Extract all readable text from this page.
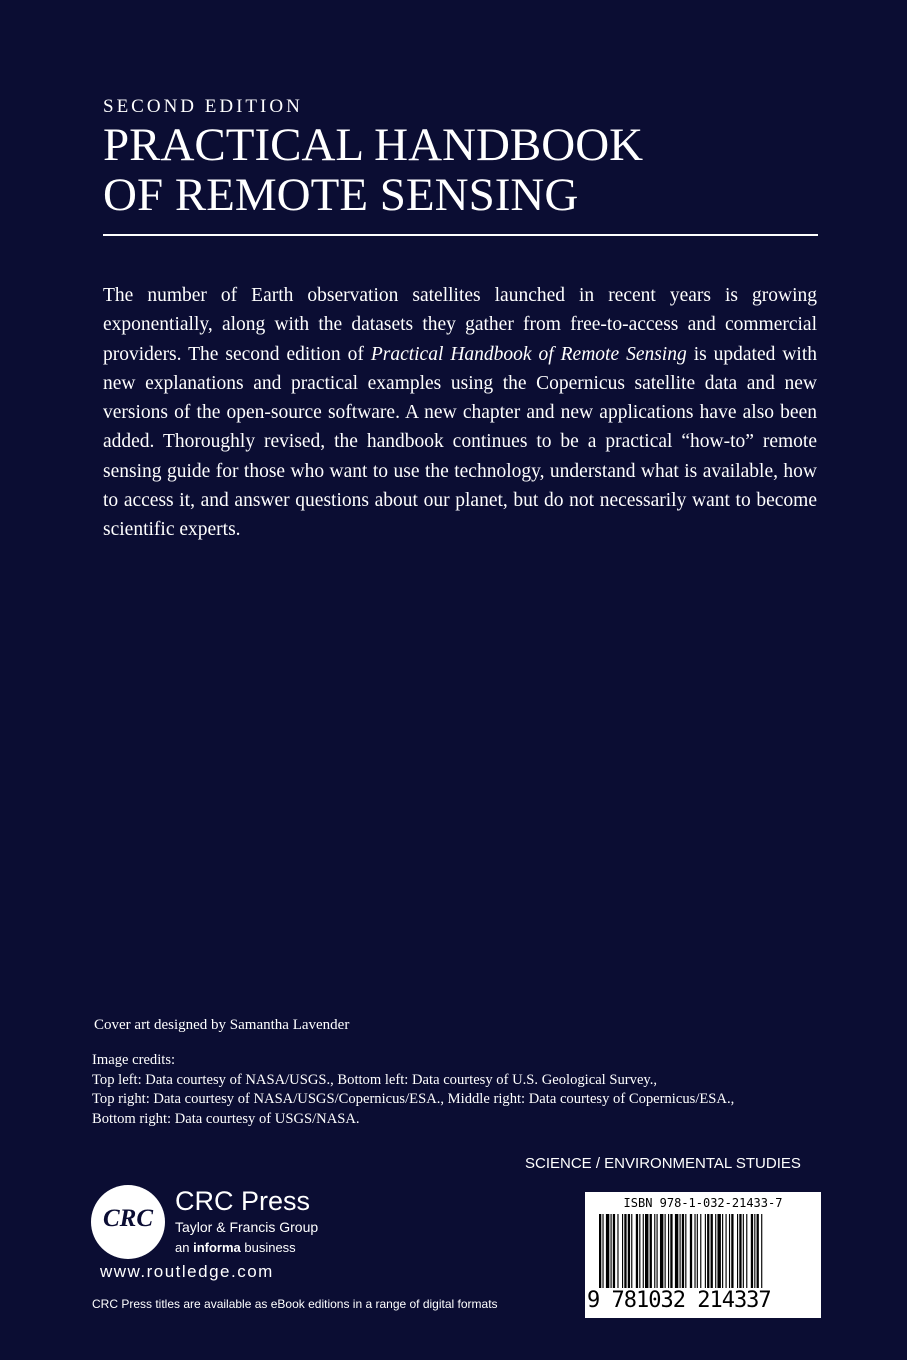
SECOND EDITION
PRACTICAL HANDBOOK
OF REMOTE SENSING

The number of Earth observation satellites launched in recent years is growing exponentially, along with the datasets they gather from free-to-access and commercial providers. The second edition of Practical Handbook of Remote Sensing is updated with new explanations and practical examples using the Copernicus satellite data and new versions of the open-source software. A new chapter and new applications have also been added. Thoroughly revised, the handbook continues to be a practical “how-to” remote sensing guide for those who want to use the technology, understand what is available, how to access it, and answer questions about our planet, but do not necessarily want to become scientific experts.

Cover art designed by Samantha Lavender

Image credits:
Top left: Data courtesy of NASA/USGS., Bottom left: Data courtesy of U.S. Geological Survey.,
Top right: Data courtesy of NASA/USGS/Copernicus/ESA., Middle right: Data courtesy of Copernicus/ESA.,
Bottom right: Data courtesy of USGS/NASA.
SCIENCE / ENVIRONMENTAL STUDIES
CRC
CRC Press
Taylor & Francis Group
an informa business
www.routledge.com
CRC Press titles are available as eBook editions in a range of digital formats
ISBN 978-1-032-21433-7
9 781032 214337
